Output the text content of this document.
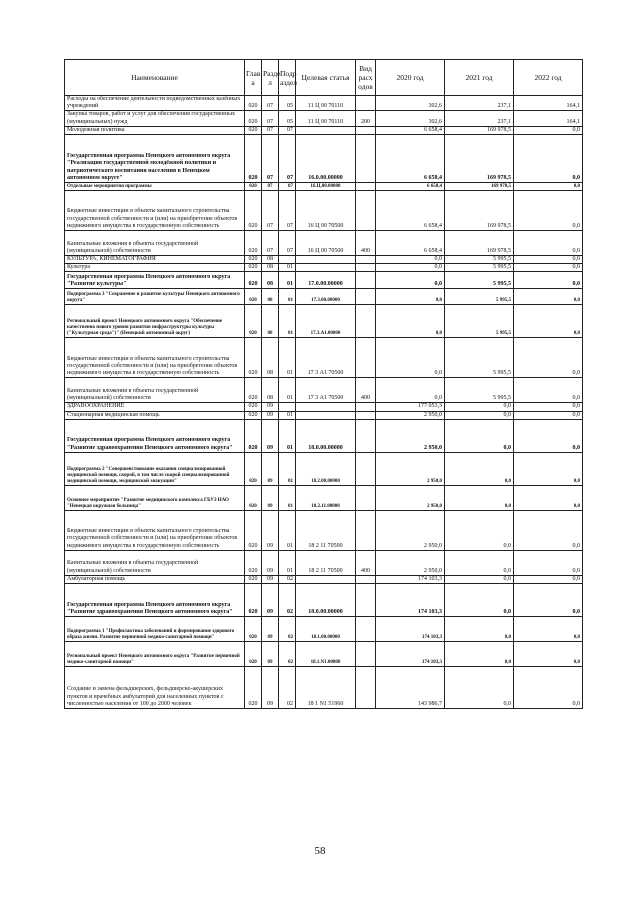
Наименование	Глав а	Разде л	Подр аздел	Целевая статья	Вид расх одов	2020 год	2021 год	2022 год
Расходы на обеспечение деятельности подведомственных казённых учреждений	020	07	05	11 Ц 00 70110		302,6	237,1	164,1
Закупка товаров, работ и услуг для обеспечения государственных (муниципальных) нужд	020	07	05	11 Ц 00 70110	200	302,6	237,1	164,1
Молодежная политика	020	07	07			6 658,4	169 978,5	0,0
Государственная программа Ненецкого автономного округа "Реализация государственной молодёжной политики и патриотического воспитания населения в Ненецком автономном округе"	020	07	07	16.0.00.00000		6 658,4	169 978,5	0,0
Отдельные мероприятия программы	020	07	07	16.Ц.00.00000		6 658,4	169 978,5	0,0
Бюджетные инвестиции в объекты капитального строительства государственной собственности и (или) на приобретение объектов недвижимого имущества в государственную собственность	020	07	07	16 Ц 00 70500		6 658,4	169 978,5	0,0
Капитальные вложения в объекты государственной (муниципальной) собственности	020	07	07	16 Ц 00 70500	400	6 658,4	169 978,5	0,0
КУЛЬТУРА, КИНЕМАТОГРАФИЯ	020	08				0,0	5 995,5	0,0
Культура	020	08	01			0,0	5 995,5	0,0
Государственная программа Ненецкого автономного округа "Развитие культуры"	020	08	01	17.0.00.00000		0,0	5 995,5	0,0
Подпрограмма 3 "Сохранение и развитие культуры Ненецкого автономного округа"	020	08	01	17.3.00.00000		0,0	5 995,5	0,0
Региональный проект Ненецкого автономного округа "Обеспечение качественно нового уровня развития инфраструктуры культуры ("Культурная среда")" (Ненецкий автономный округ)	020	08	01	17.3.А1.00000		0,0	5 995,5	0,0
Бюджетные инвестиции в объекты капитального строительства государственной собственности и (или) на приобретение объектов недвижимого имущества в государственную собственность	020	08	01	17 3 А1 70500		0,0	5 995,5	0,0
Капитальные вложения в объекты государственной (муниципальной) собственности	020	08	01	17 3 А1 70500	400	0,0	5 995,5	0,0
ЗДРАВООХРАНЕНИЕ	020	09				177 053,3	0,0	0,0
Стационарная медицинская помощь	020	09	01			2 950,0	0,0	0,0
Государственная программа Ненецкого автономного округа "Развитие здравоохранения Ненецкого автономного округа"	020	09	01	18.0.00.00000		2 950,0	0,0	0,0
Подпрограмма 2 "Совершенствование оказания специализированной медицинской помощи, скорой, в том числе скорой специализированной медицинской помощи, медицинской эвакуации"	020	09	01	18.2.00.00000		2 950,0	0,0	0,0
Основное мероприятие "Развитие медицинского комплекса ГБУЗ НАО "Ненецкая окружная больница"	020	09	01	18.2.11.00000		2 950,0	0,0	0,0
Бюджетные инвестиции в объекты капитального строительства государственной собственности и (или) на приобретение объектов недвижимого имущества в государственную собственность	020	09	01	18 2 11 70500		2 950,0	0,0	0,0
Капитальные вложения в объекты государственной (муниципальной) собственности	020	09	01	18 2 11 70500	400	2 950,0	0,0	0,0
Амбулаторная помощь	020	09	02			174 103,3	0,0	0,0
Государственная программа Ненецкого автономного округа "Развитие здравоохранения Ненецкого автономного округа"	020	09	02	18.0.00.00000		174 103,3	0,0	0,0
Подпрограмма 1 "Профилактика заболеваний и формирование здорового образа жизни. Развитие первичной медико-санитарной помощи"	020	09	02	18.1.00.00000		174 103,3	0,0	0,0
Региональный проект Ненецкого автономного округа "Развитие первичной медико-санитарной помощи"	020	09	02	18.1.N1.00000		174 103,3	0,0	0,0
Создание и замена фельдшерских, фельдшерско-акушерских пунктов и врачебных амбулаторий для населенных пунктов с численностью населения от 100 до 2000 человек	020	09	02	18 1 N1 51960		143 986,7	0,0	0,0
58
